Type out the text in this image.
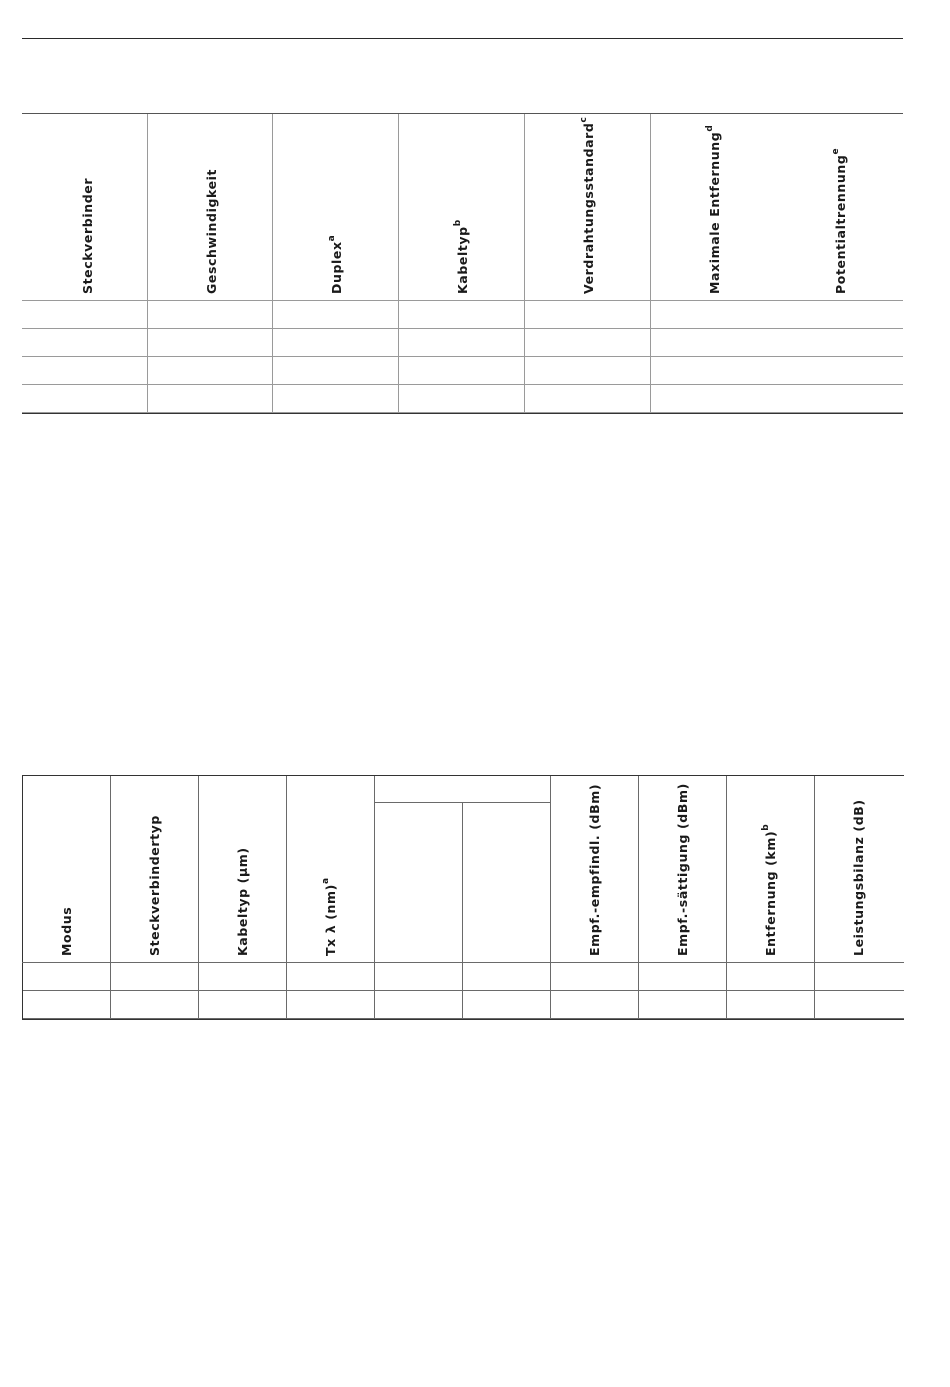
Steckverbinder	Geschwindigkeit	Duplex$^a$	Kabeltyp$^b$	Verdrahtungsstandard$^c$	Maximale Entfernung$^d$	Potentialtrennung$^e$

Modus	Steckverbindertyp	Kabeltyp (µm)	Tx λ (nm)$^a$		Empf.-empfindl. (dBm)	Empf.-sättigung (dBm)	Entfernung (km)$^b$	Leistungsbilanz (dB)
